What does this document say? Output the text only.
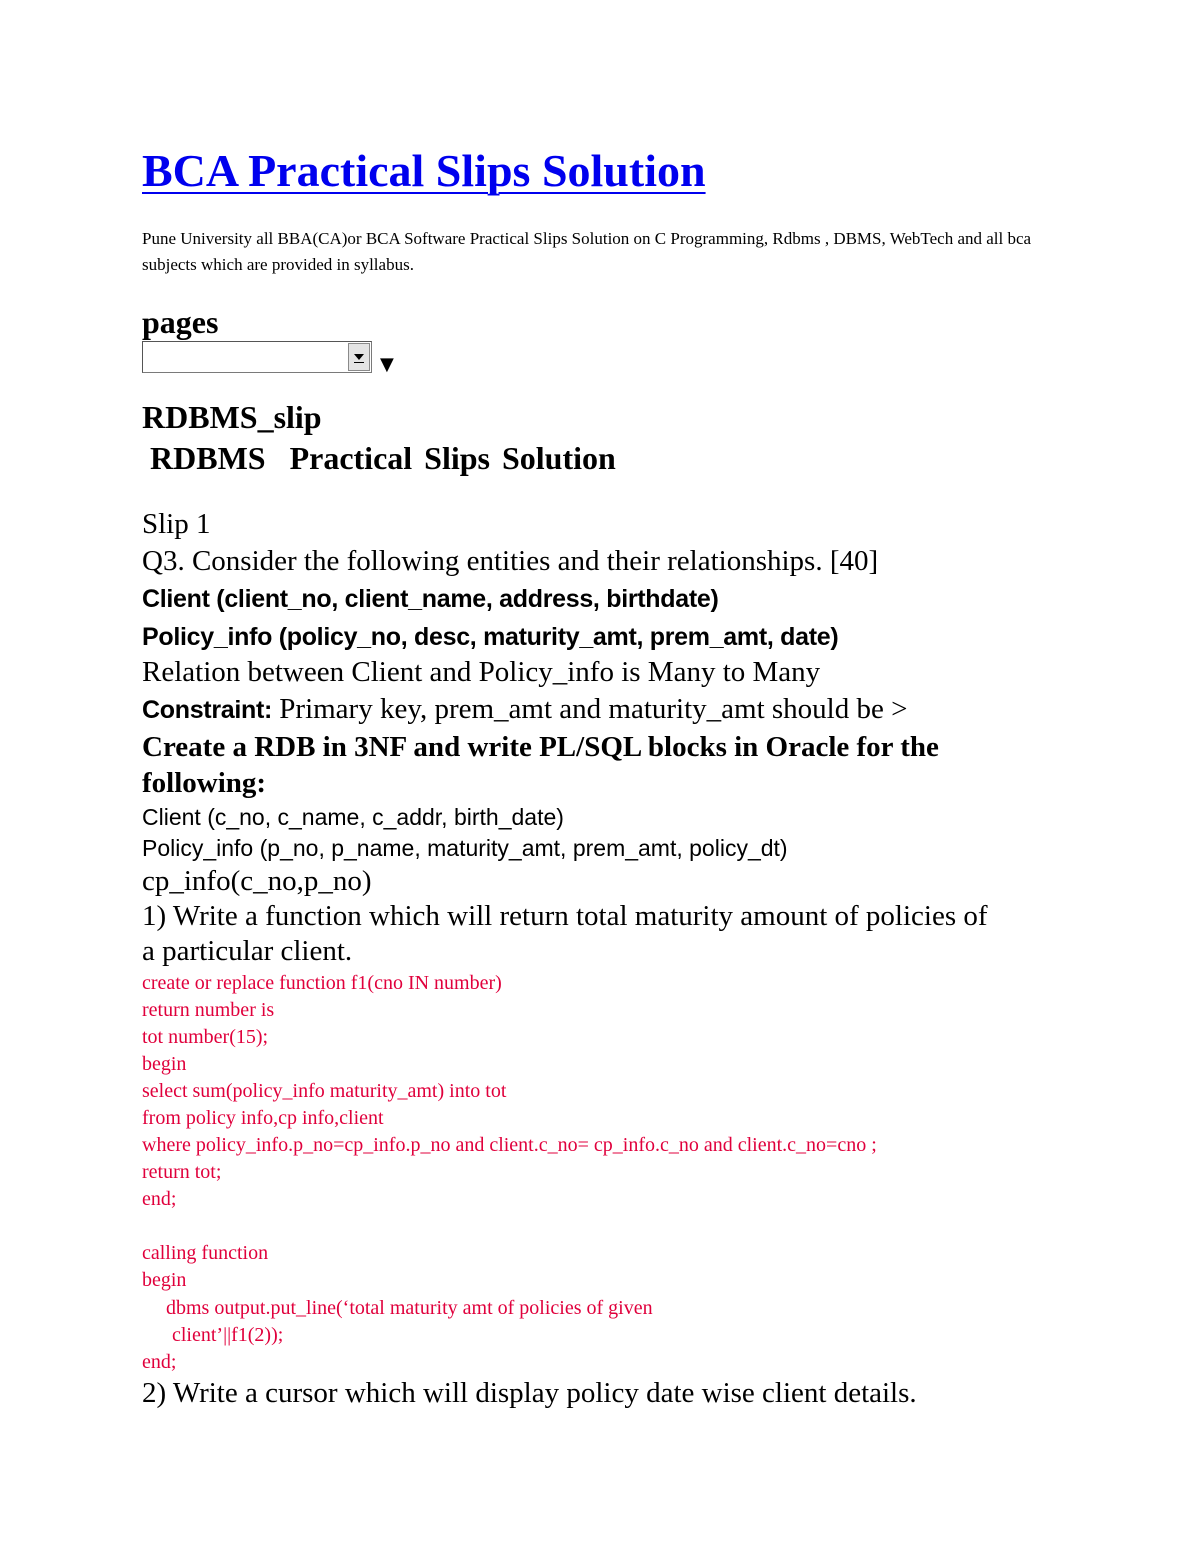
BCA Practical Slips Solution
Pune University all BBA(CA)or BCA Software Practical Slips Solution on C Programming, Rdbms , DBMS, WebTech and all bca subjects which are provided in syllabus.
pages
▼
RDBMS_slip
RDBMS  Practical Slips Solution
Slip 1
Q3. Consider the following entities and their relationships. [40]
Client (client_no, client_name, address, birthdate)
Policy_info (policy_no, desc, maturity_amt, prem_amt, date)
Relation between Client and Policy_info is Many to Many
Constraint: Primary key, prem_amt and maturity_amt should be >
Create a RDB in 3NF and write PL/SQL blocks in Oracle for the
following:
Client (c_no, c_name, c_addr, birth_date)
Policy_info (p_no, p_name, maturity_amt, prem_amt, policy_dt)
cp_info(c_no,p_no)
1) Write a function which will return total maturity amount of policies of
a particular client.
create or replace function f1(cno IN number)
return number is
tot number(15);
begin
select sum(policy_info maturity_amt) into tot
from policy info,cp info,client
where policy_info.p_no=cp_info.p_no and client.c_no= cp_info.c_no and client.c_no=cno ;
return tot;
end;
calling function
begin
dbms output.put_line(‘total maturity amt of policies of given
client’||f1(2));
end;
2) Write a cursor which will display policy date wise client details.
